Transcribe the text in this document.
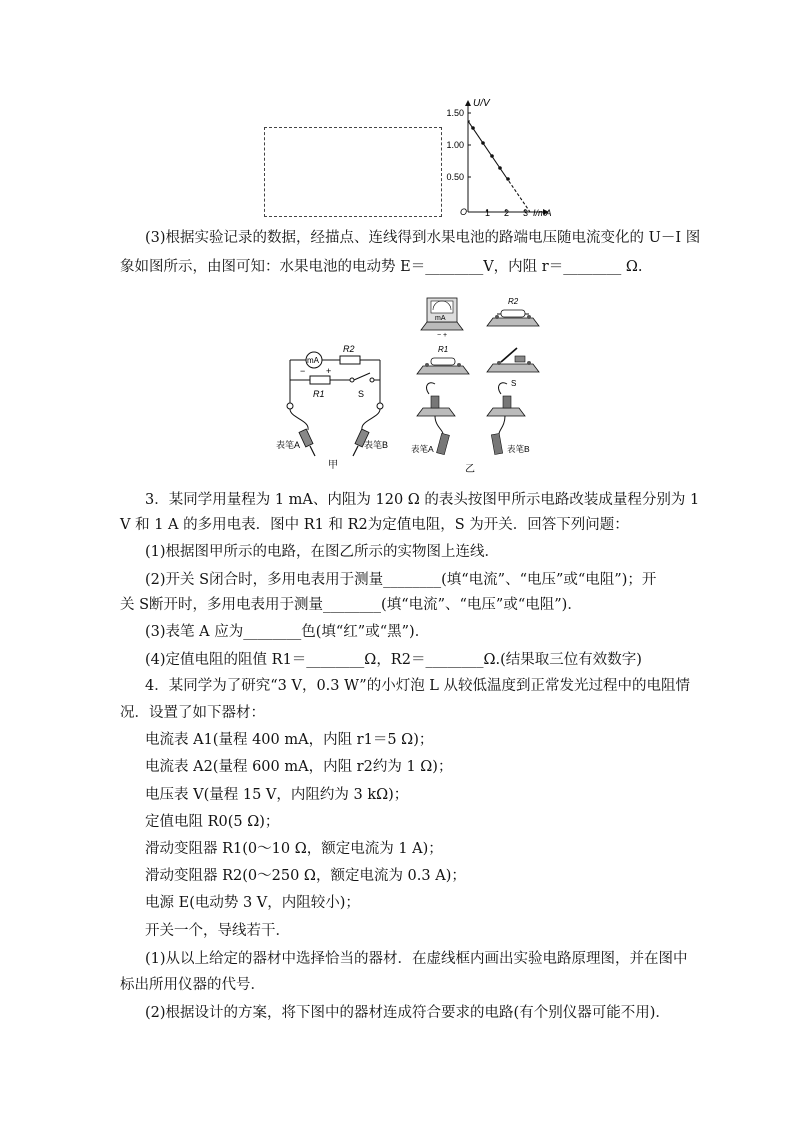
U/V
1.50
1.00
0.50
O 1 2 3 I/mA
(3)根据实验记录的数据，经描点、连线得到水果电池的路端电压随电流变化的 U－I 图
象如图所示，由图可知：水果电池的电动势 E＝________V，内阻 r＝________ Ω.
mA
R2
− +
R1	S
表笔A	表笔B
甲
mA
− +
R2
R1
S
表笔A	表笔B
乙
3．某同学用量程为 1 mA、内阻为 120 Ω 的表头按图甲所示电路改装成量程分别为 1
V 和 1 A 的多用电表．图中 R1 和 R2为定值电阻，S 为开关．回答下列问题：
(1)根据图甲所示的电路，在图乙所示的实物图上连线．
(2)开关 S闭合时，多用电表用于测量________(填“电流”、“电压”或“电阻”)；开
关 S断开时，多用电表用于测量________(填“电流”、“电压”或“电阻”)．
(3)表笔 A 应为________色(填“红”或“黑”)．
(4)定值电阻的阻值 R1＝________Ω，R2＝________Ω.(结果取三位有效数字)
4．某同学为了研究“3 V，0.3 W”的小灯泡 L 从较低温度到正常发光过程中的电阻情
况．设置了如下器材：
电流表 A1(量程 400 mA，内阻 r1＝5 Ω)；
电流表 A2(量程 600 mA，内阻 r2约为 1 Ω)；
电压表 V(量程 15 V，内阻约为 3 kΩ)；
定值电阻 R0(5 Ω)；
滑动变阻器 R1(0～10 Ω，额定电流为 1 A)；
滑动变阻器 R2(0～250 Ω，额定电流为 0.3 A)；
电源 E(电动势 3 V，内阻较小)；
开关一个，导线若干．
(1)从以上给定的器材中选择恰当的器材．在虚线框内画出实验电路原理图，并在图中
标出所用仪器的代号．
(2)根据设计的方案，将下图中的器材连成符合要求的电路(有个别仪器可能不用)．
